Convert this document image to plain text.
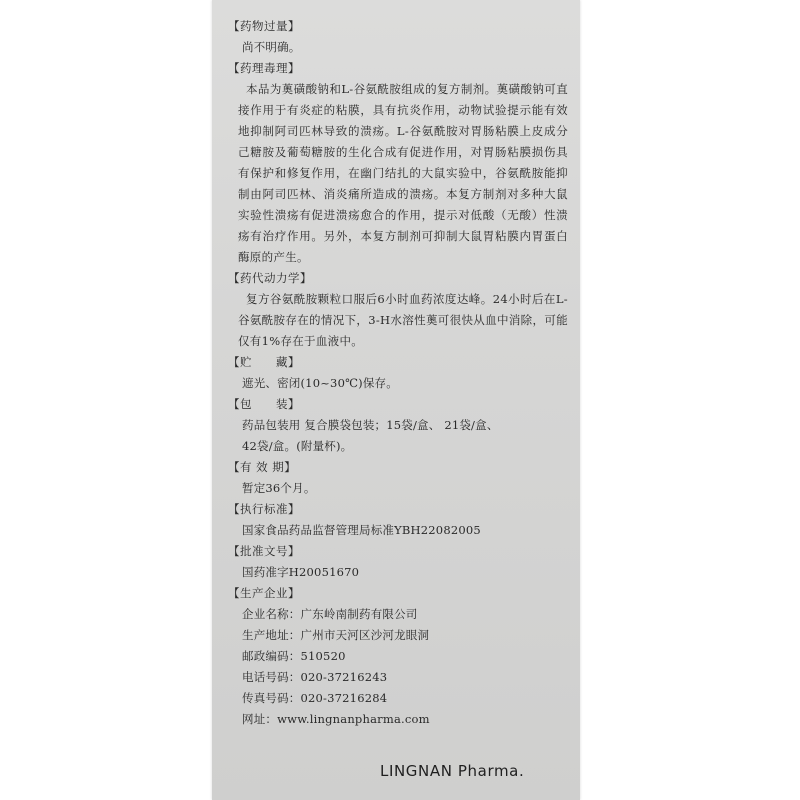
【药物过量】
尚不明确。
【药理毒理】
本品为薁磺酸钠和L-谷氨酰胺组成的复方制剂。薁磺酸钠可直接作用于有炎症的粘膜，具有抗炎作用，动物试验提示能有效地抑制阿司匹林导致的溃疡。L-谷氨酰胺对胃肠粘膜上皮成分己糖胺及葡萄糖胺的生化合成有促进作用，对胃肠粘膜损伤具有保护和修复作用，在幽门结扎的大鼠实验中，谷氨酰胺能抑制由阿司匹林、消炎痛所造成的溃疡。本复方制剂对多种大鼠实验性溃疡有促进溃疡愈合的作用，提示对低酸（无酸）性溃疡有治疗作用。另外，本复方制剂可抑制大鼠胃粘膜内胃蛋白酶原的产生。
【药代动力学】
复方谷氨酰胺颗粒口服后6小时血药浓度达峰。24小时后在L-谷氨酰胺存在的情况下，3-H水溶性薁可很快从血中消除，可能仅有1%存在于血液中。
【贮　　藏】
遮光、密闭(10~30℃)保存。
【包　　装】
药品包装用 复合膜袋包装；15袋/盒、 21袋/盒、
42袋/盒。(附量杯)。
【有 效 期】
暂定36个月。
【执行标准】
国家食品药品监督管理局标准YBH22082005
【批准文号】
国药准字H20051670
【生产企业】
企业名称：广东岭南制药有限公司
生产地址：广州市天河区沙河龙眼洞
邮政编码：510520
电话号码：020-37216243
传真号码：020-37216284
网址：www.lingnanpharma.com
LINGNAN Pharma.
